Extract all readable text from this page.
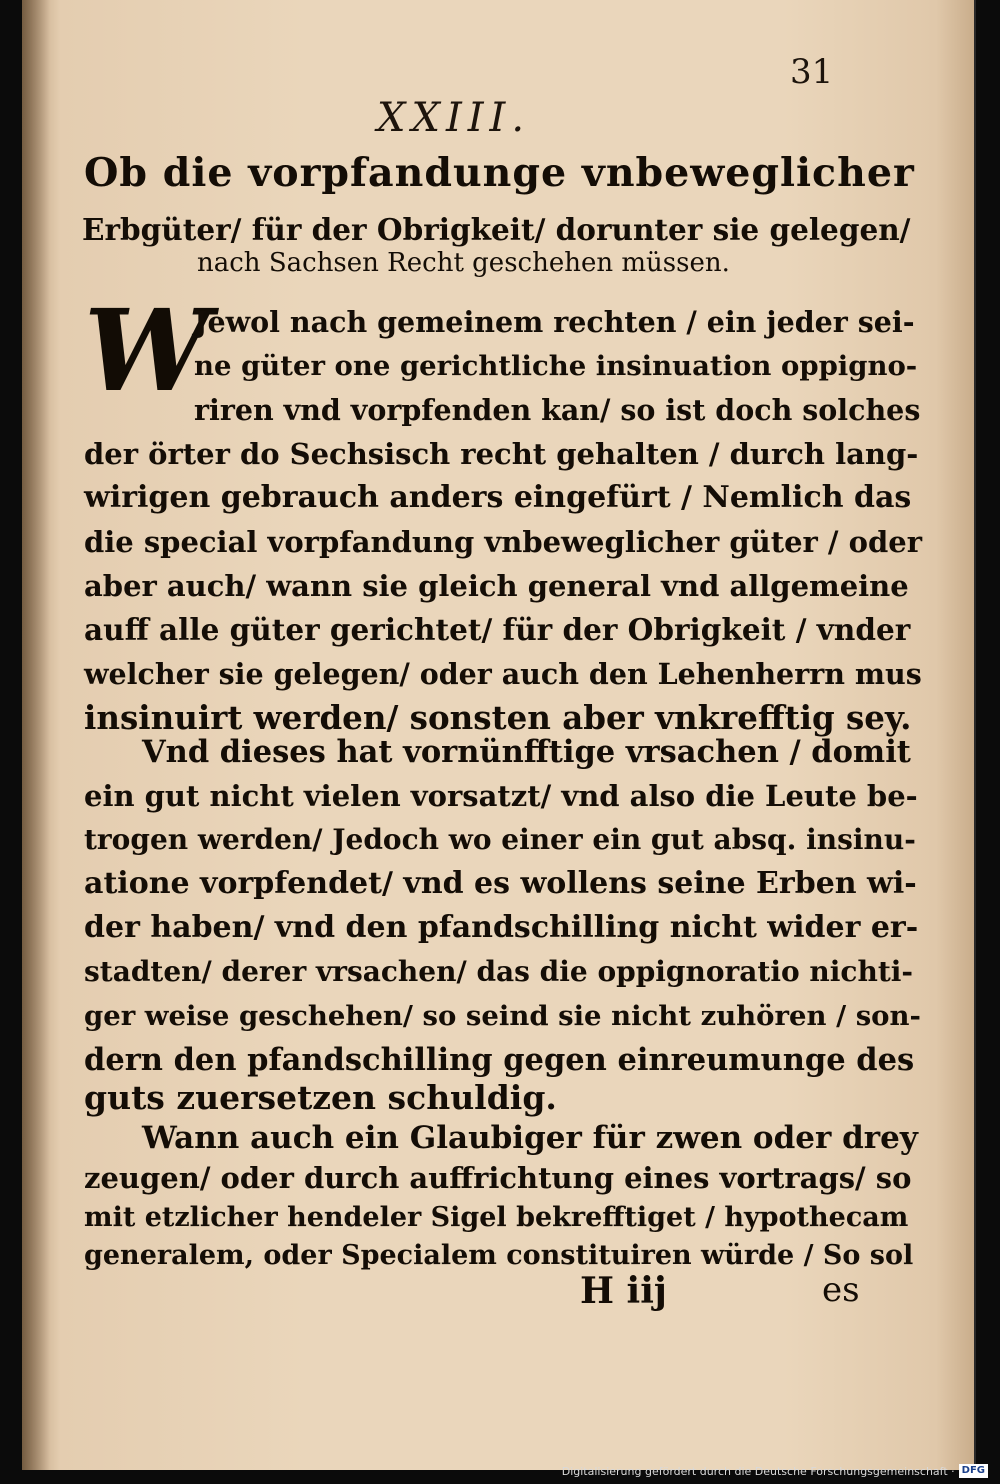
31
XXIII.
Ob die vorpfandunge vnbeweglicher
Erbgüter/ für der Obrigkeit/ dorunter sie gelegen/
nach Sachsen Recht geschehen müssen.
W
Jewol nach gemeinem rechten / ein jeder sei-
ne güter one gerichtliche insinuation oppigno-
riren vnd vorpfenden kan/ so ist doch solches
der örter do Sechsisch recht gehalten / durch lang-
wirigen gebrauch anders eingefürt / Nemlich das
die special vorpfandung vnbeweglicher güter / oder
aber auch/ wann sie gleich general vnd allgemeine
auff alle güter gerichtet/ für der Obrigkeit / vnder
welcher sie gelegen/ oder auch den Lehenherrn mus
insinuirt werden/ sonsten aber vnkrefftig sey.
Vnd dieses hat vornünfftige vrsachen / domit
ein gut nicht vielen vorsatzt/ vnd also die Leute be-
trogen werden/ Jedoch wo einer ein gut absq. insinu-
atione vorpfendet/ vnd es wollens seine Erben wi-
der haben/ vnd den pfandschilling nicht wider er-
stadten/ derer vrsachen/ das die oppignoratio nichti-
ger weise geschehen/ so seind sie nicht zuhören / son-
dern den pfandschilling gegen einreumunge des
guts zuersetzen schuldig.
Wann auch ein Glaubiger für zwen oder drey
zeugen/ oder durch auffrichtung eines vortrags/ so
mit etzlicher hendeler Sigel bekrefftiget / hypothecam
generalem, oder Specialem constituiren würde / So sol
H iij	es
Digitalisierung gefördert durch die Deutsche Forschungsgemeinschaft · DFG
